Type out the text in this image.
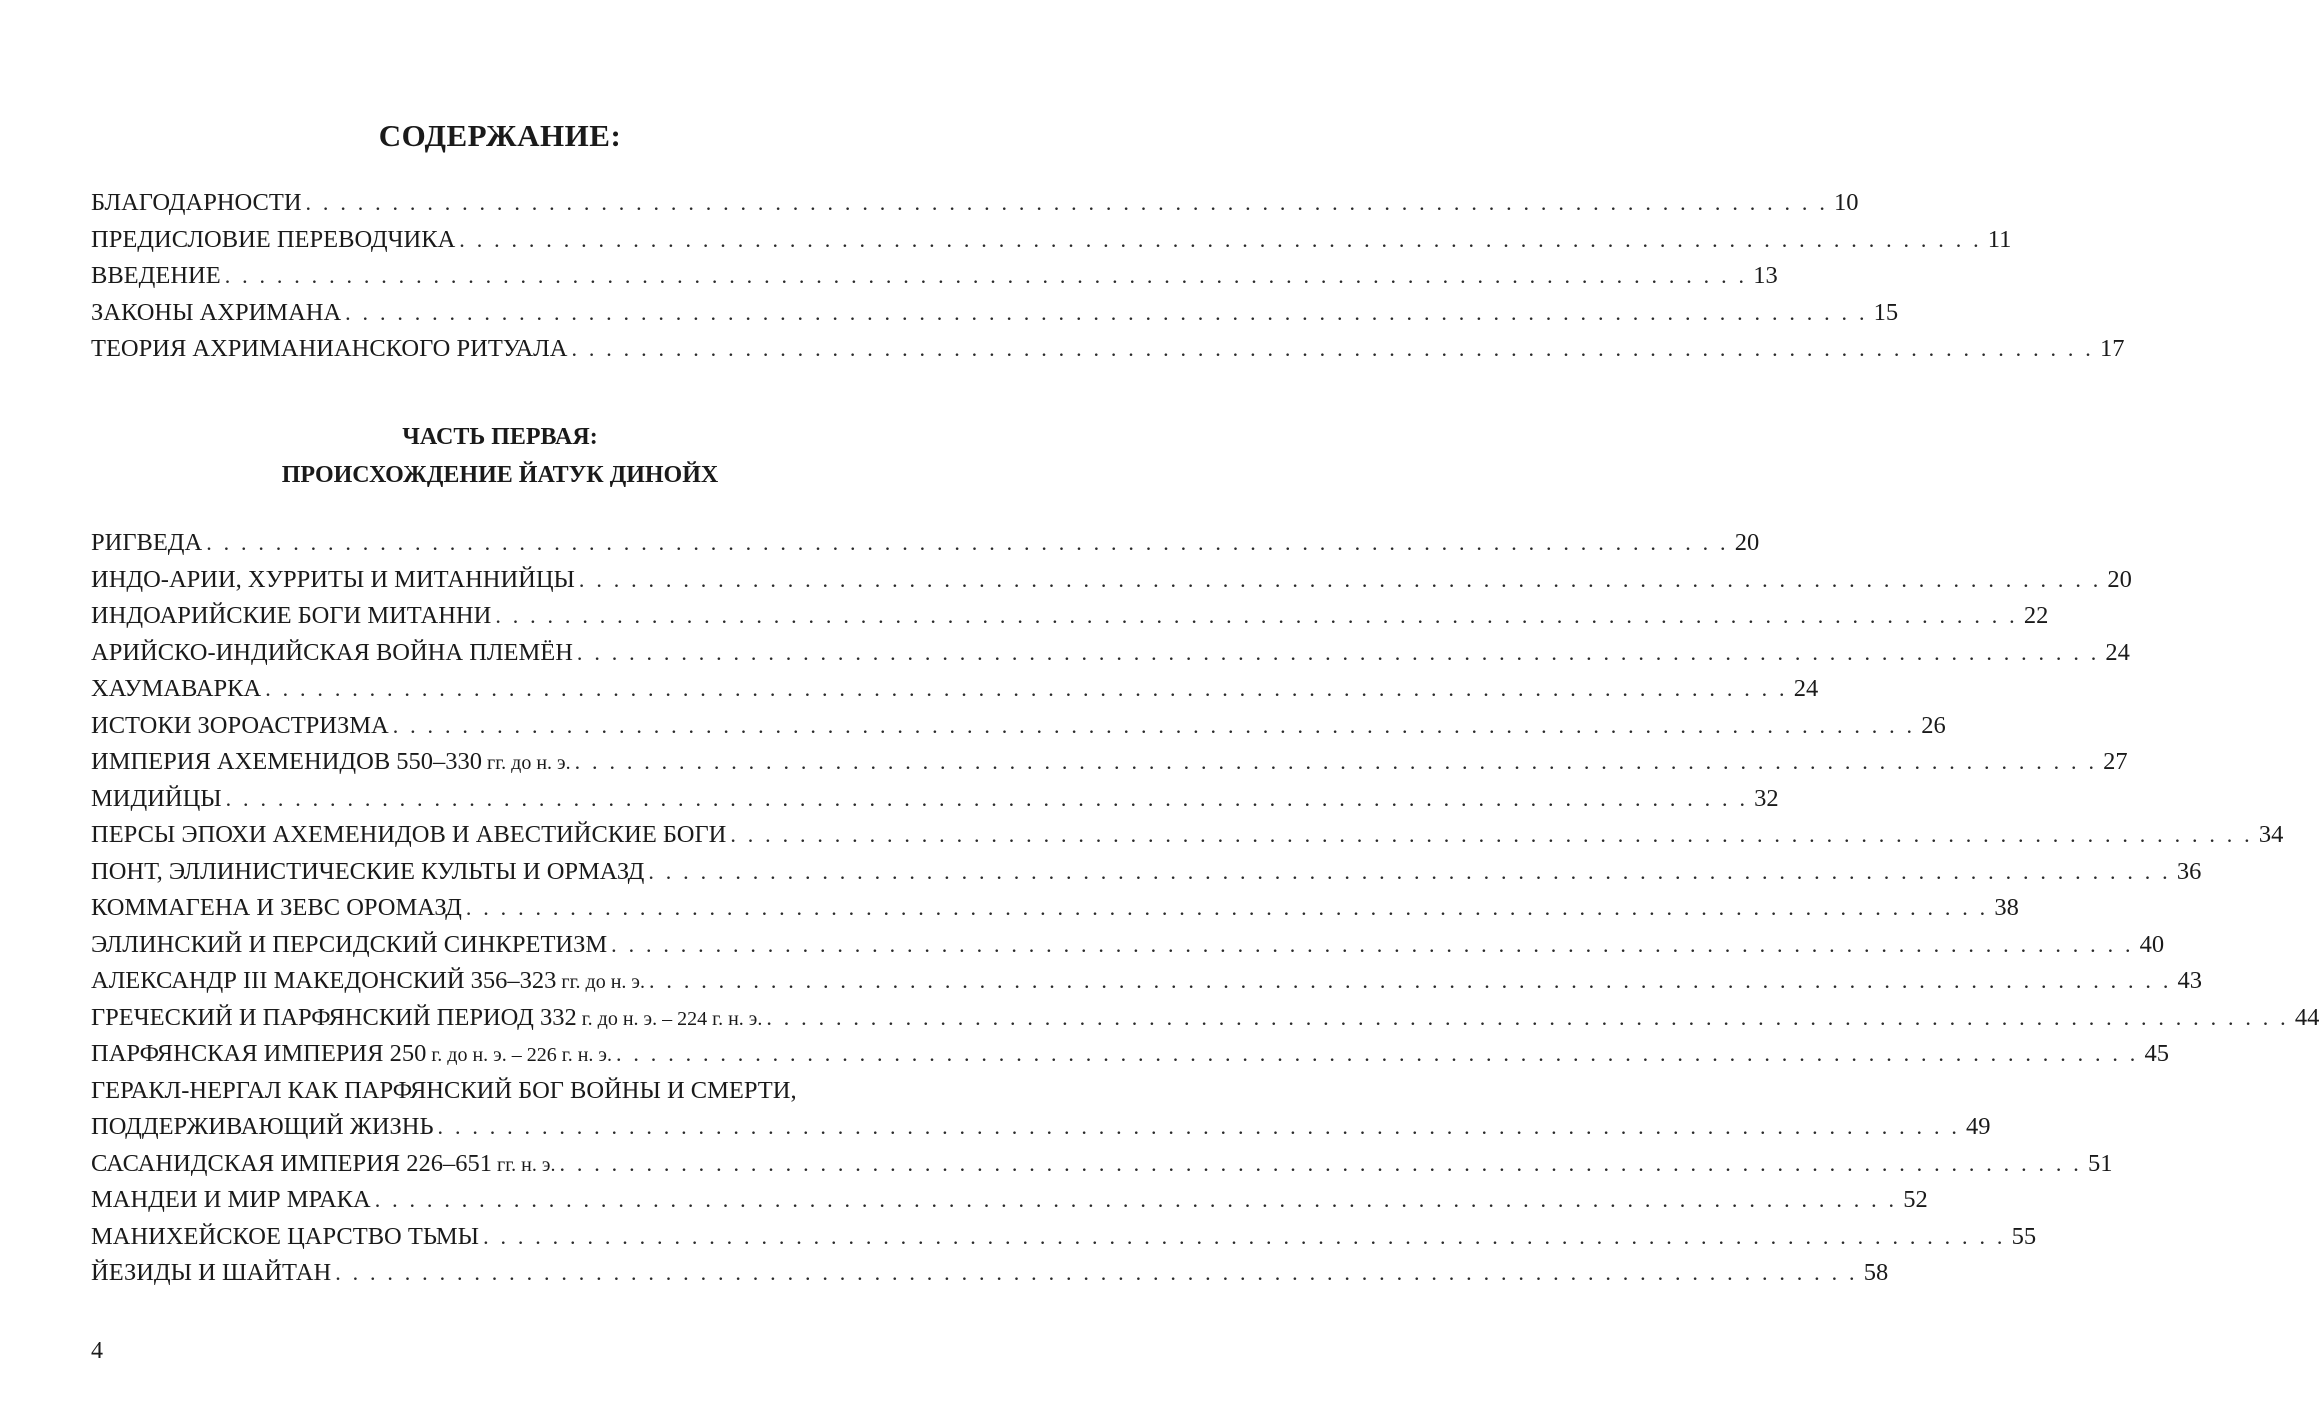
СОДЕРЖАНИЕ:
БЛАГОДАРНОСТИ . . . . . . . . . . . . . . . . . . . . . . . . . . . . . . . . . . . . . . . . . . . . . . . . . . . . . . . . . . . . . . . . . . . . . . . . . . . . . . . . . . . . . . . . 10
ПРЕДИСЛОВИЕ ПЕРЕВОДЧИКА . . . . . . . . . . . . . . . . . . . . . . . . . . . . . . . . . . . . . . . . . . . . . . . . . . . . . . . . . . . . . . . . . . . . . . . . . . . . . . . . . . . . . . . . 11
ВВЕДЕНИЕ . . . . . . . . . . . . . . . . . . . . . . . . . . . . . . . . . . . . . . . . . . . . . . . . . . . . . . . . . . . . . . . . . . . . . . . . . . . . . . . . . . . . . . . . 13
ЗАКОНЫ АХРИМАНА . . . . . . . . . . . . . . . . . . . . . . . . . . . . . . . . . . . . . . . . . . . . . . . . . . . . . . . . . . . . . . . . . . . . . . . . . . . . . . . . . . . . . . . . 15
ТЕОРИЯ АХРИМАНИАНСКОГО РИТУАЛА . . . . . . . . . . . . . . . . . . . . . . . . . . . . . . . . . . . . . . . . . . . . . . . . . . . . . . . . . . . . . . . . . . . . . . . . . . . . . . . . . . . . . . . . 17
ЧАСТЬ ПЕРВАЯ:
ПРОИСХОЖДЕНИЕ ЙАТУК ДИНОЙХ
РИГВЕДА . . . . . . . . . . . . . . . . . . . . . . . . . . . . . . . . . . . . . . . . . . . . . . . . . . . . . . . . . . . . . . . . . . . . . . . . . . . . . . . . . . . . . . . . 20
ИНДО-АРИИ, ХУРРИТЫ И МИТАННИЙЦЫ . . . . . . . . . . . . . . . . . . . . . . . . . . . . . . . . . . . . . . . . . . . . . . . . . . . . . . . . . . . . . . . . . . . . . . . . . . . . . . . . . . . . . . . . 20
ИНДОАРИЙСКИЕ БОГИ МИТАННИ . . . . . . . . . . . . . . . . . . . . . . . . . . . . . . . . . . . . . . . . . . . . . . . . . . . . . . . . . . . . . . . . . . . . . . . . . . . . . . . . . . . . . . . . 22
АРИЙСКО-ИНДИЙСКАЯ ВОЙНА ПЛЕМЁН . . . . . . . . . . . . . . . . . . . . . . . . . . . . . . . . . . . . . . . . . . . . . . . . . . . . . . . . . . . . . . . . . . . . . . . . . . . . . . . . . . . . . . . . 24
ХАУМАВАРКА . . . . . . . . . . . . . . . . . . . . . . . . . . . . . . . . . . . . . . . . . . . . . . . . . . . . . . . . . . . . . . . . . . . . . . . . . . . . . . . . . . . . . . . . 24
ИСТОКИ ЗОРОАСТРИЗМА . . . . . . . . . . . . . . . . . . . . . . . . . . . . . . . . . . . . . . . . . . . . . . . . . . . . . . . . . . . . . . . . . . . . . . . . . . . . . . . . . . . . . . . . 26
ИМПЕРИЯ АХЕМЕНИДОВ 550–330 гг. до н. э. . . . . . . . . . . . . . . . . . . . . . . . . . . . . . . . . . . . . . . . . . . . . . . . . . . . . . . . . . . . . . . . . . . . . . . . . . . . . . . . . . . . . . . . . 27
МИДИЙЦЫ . . . . . . . . . . . . . . . . . . . . . . . . . . . . . . . . . . . . . . . . . . . . . . . . . . . . . . . . . . . . . . . . . . . . . . . . . . . . . . . . . . . . . . . . 32
ПЕРСЫ ЭПОХИ АХЕМЕНИДОВ И АВЕСТИЙСКИЕ БОГИ . . . . . . . . . . . . . . . . . . . . . . . . . . . . . . . . . . . . . . . . . . . . . . . . . . . . . . . . . . . . . . . . . . . . . . . . . . . . . . . . . . . . . . . . 34
ПОНТ, ЭЛЛИНИСТИЧЕСКИЕ КУЛЬТЫ И ОРМАЗД . . . . . . . . . . . . . . . . . . . . . . . . . . . . . . . . . . . . . . . . . . . . . . . . . . . . . . . . . . . . . . . . . . . . . . . . . . . . . . . . . . . . . . . . 36
КОММАГЕНА И ЗЕВС ОРОМАЗД . . . . . . . . . . . . . . . . . . . . . . . . . . . . . . . . . . . . . . . . . . . . . . . . . . . . . . . . . . . . . . . . . . . . . . . . . . . . . . . . . . . . . . . . 38
ЭЛЛИНСКИЙ И ПЕРСИДСКИЙ СИНКРЕТИЗМ . . . . . . . . . . . . . . . . . . . . . . . . . . . . . . . . . . . . . . . . . . . . . . . . . . . . . . . . . . . . . . . . . . . . . . . . . . . . . . . . . . . . . . . . 40
АЛЕКСАНДР III МАКЕДОНСКИЙ 356–323 гг. до н. э. . . . . . . . . . . . . . . . . . . . . . . . . . . . . . . . . . . . . . . . . . . . . . . . . . . . . . . . . . . . . . . . . . . . . . . . . . . . . . . . . . . . . . . . . 43
ГРЕЧЕСКИЙ И ПАРФЯНСКИЙ ПЕРИОД 332 г. до н. э. – 224 г. н. э. . . . . . . . . . . . . . . . . . . . . . . . . . . . . . . . . . . . . . . . . . . . . . . . . . . . . . . . . . . . . . . . . . . . . . . . . . . . . . . . . . . . . . . . . 44
ПАРФЯНСКАЯ ИМПЕРИЯ 250 г. до н. э. – 226 г. н. э. . . . . . . . . . . . . . . . . . . . . . . . . . . . . . . . . . . . . . . . . . . . . . . . . . . . . . . . . . . . . . . . . . . . . . . . . . . . . . . . . . . . . . . . . 45
ГЕРАКЛ-НЕРГАЛ КАК ПАРФЯНСКИЙ БОГ ВОЙНЫ И СМЕРТИ,
ПОДДЕРЖИВАЮЩИЙ ЖИЗНЬ . . . . . . . . . . . . . . . . . . . . . . . . . . . . . . . . . . . . . . . . . . . . . . . . . . . . . . . . . . . . . . . . . . . . . . . . . . . . . . . . . . . . . . . . 49
САСАНИДСКАЯ ИМПЕРИЯ 226–651 гг. н. э. . . . . . . . . . . . . . . . . . . . . . . . . . . . . . . . . . . . . . . . . . . . . . . . . . . . . . . . . . . . . . . . . . . . . . . . . . . . . . . . . . . . . . . . . 51
МАНДЕИ И МИР МРАКА . . . . . . . . . . . . . . . . . . . . . . . . . . . . . . . . . . . . . . . . . . . . . . . . . . . . . . . . . . . . . . . . . . . . . . . . . . . . . . . . . . . . . . . . 52
МАНИХЕЙСКОЕ ЦАРСТВО ТЬМЫ . . . . . . . . . . . . . . . . . . . . . . . . . . . . . . . . . . . . . . . . . . . . . . . . . . . . . . . . . . . . . . . . . . . . . . . . . . . . . . . . . . . . . . . . 55
ЙЕЗИДЫ И ШАЙТАН . . . . . . . . . . . . . . . . . . . . . . . . . . . . . . . . . . . . . . . . . . . . . . . . . . . . . . . . . . . . . . . . . . . . . . . . . . . . . . . . . . . . . . . . 58
4
